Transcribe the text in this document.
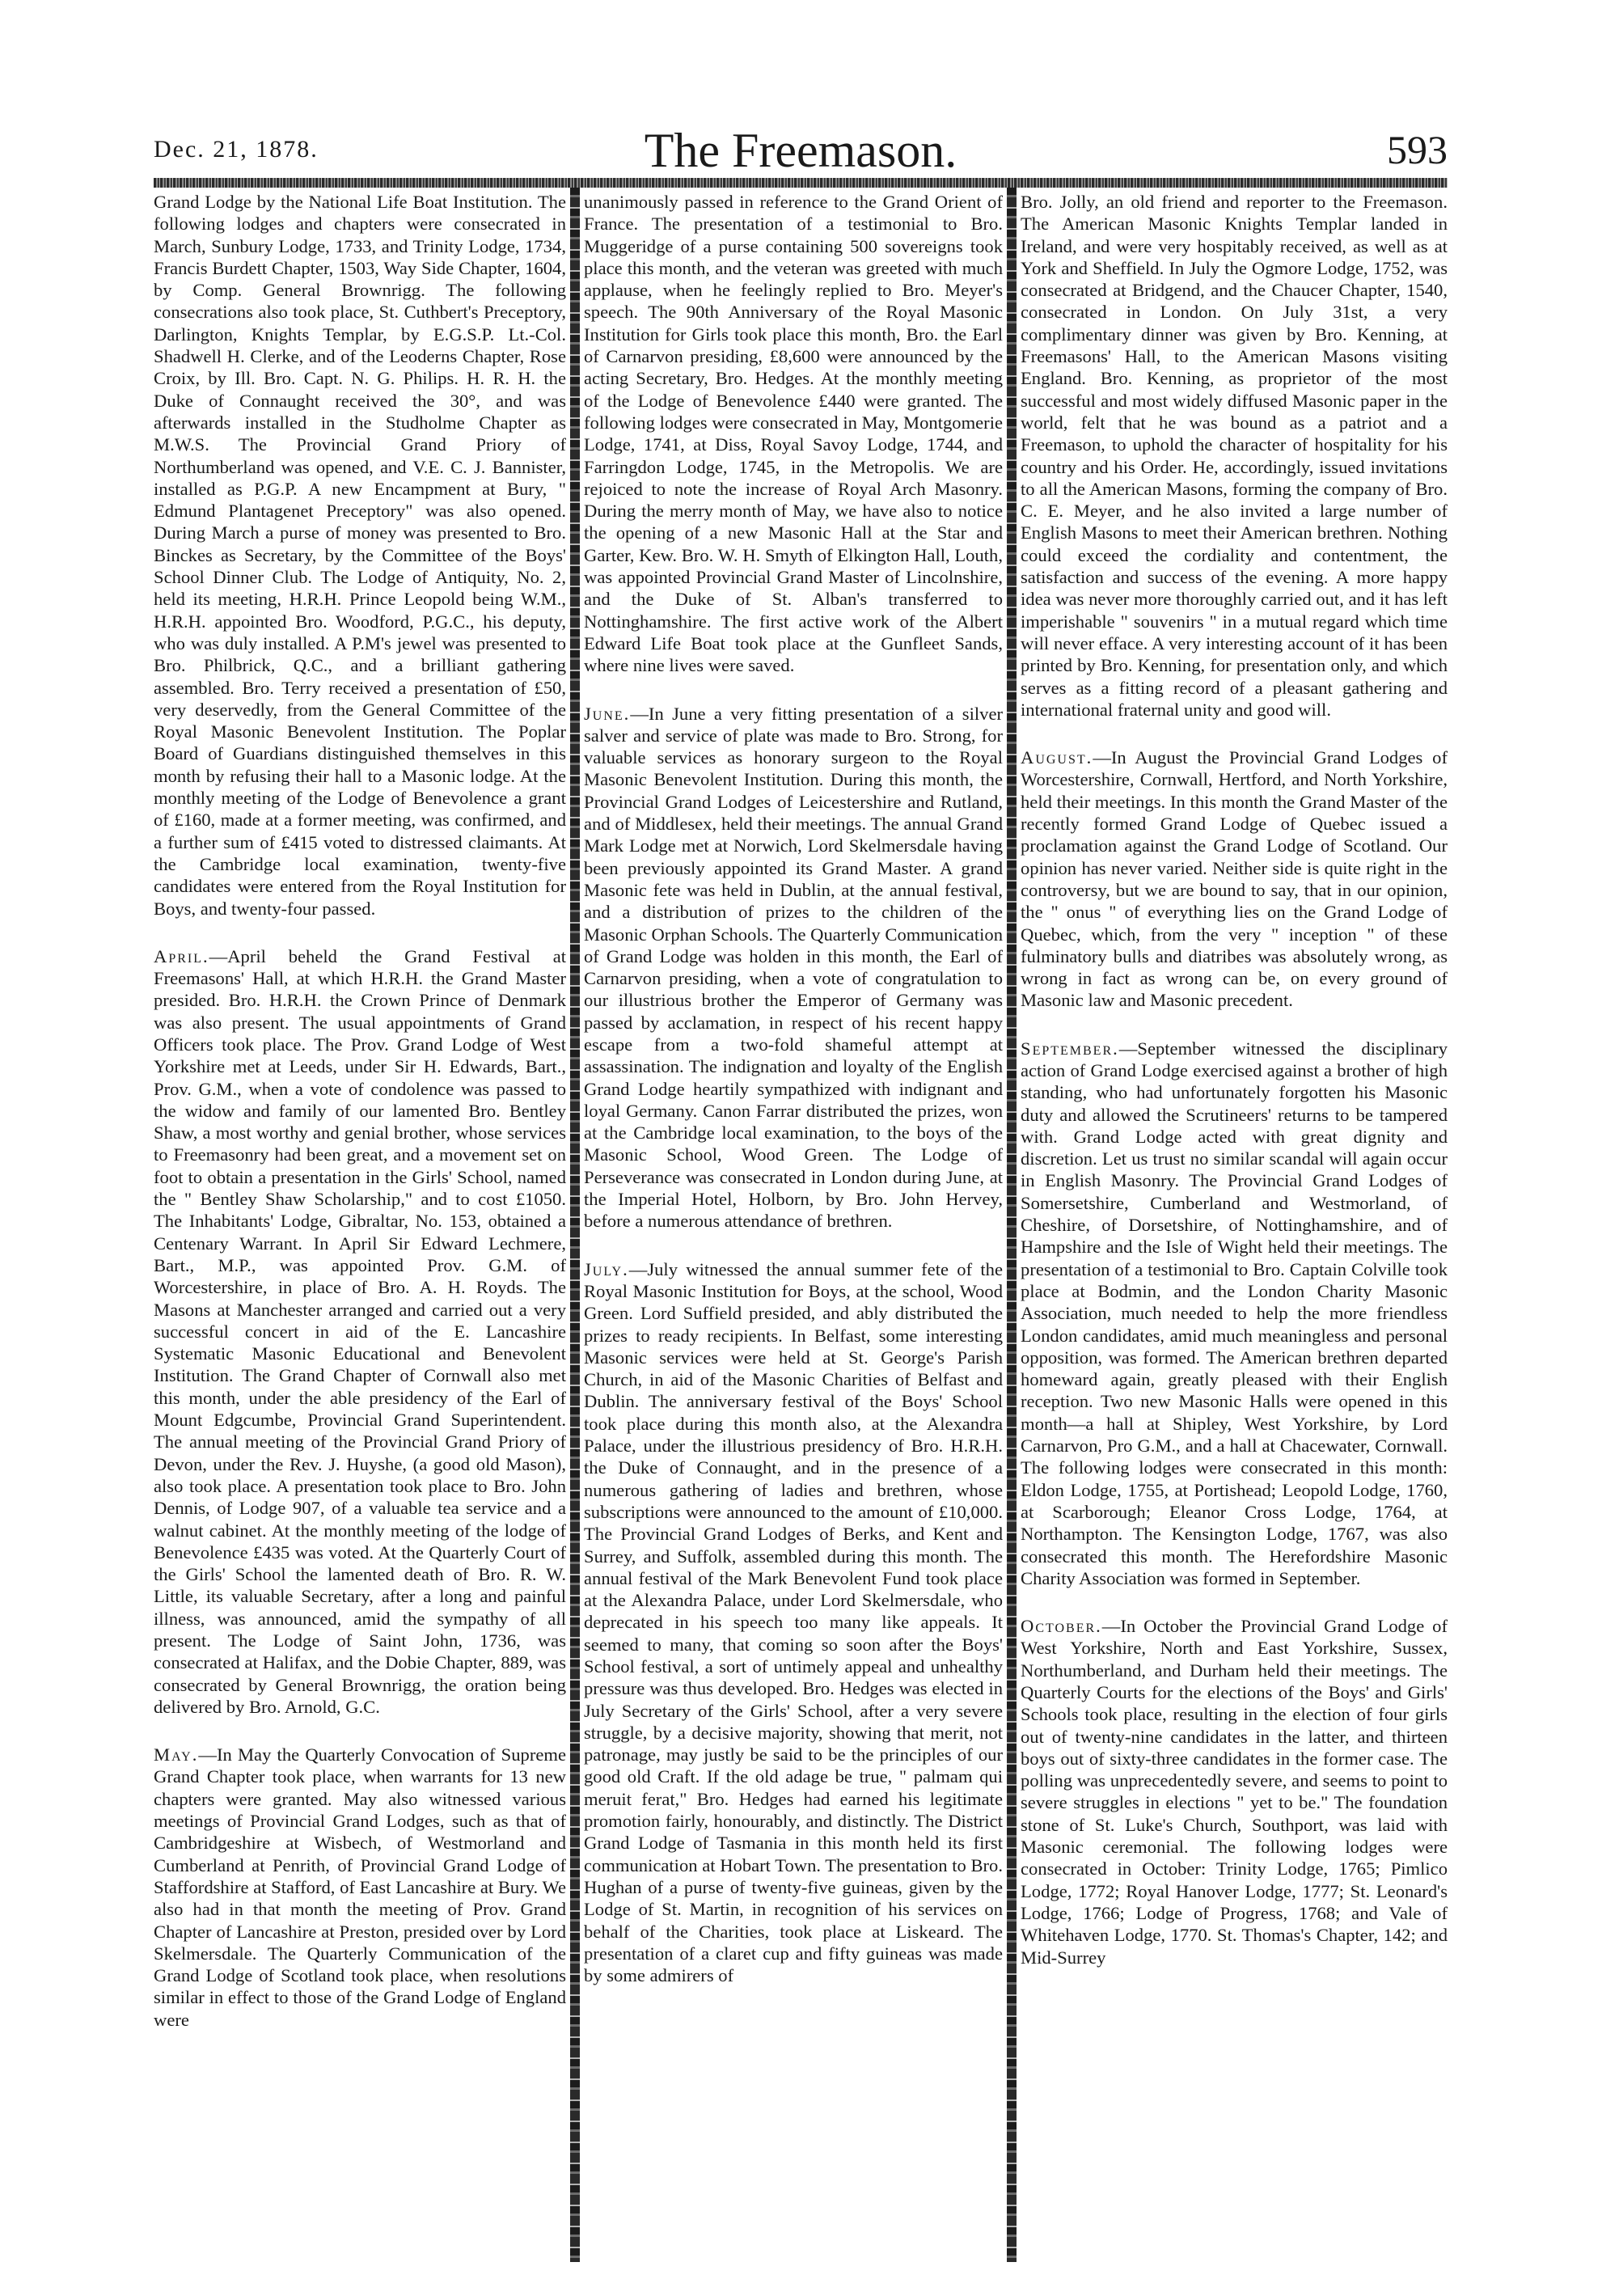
Dec. 21, 1878.	The Freemason.	593

Grand Lodge by the National Life Boat Institution. The following lodges and chapters were consecrated in March, Sunbury Lodge, 1733, and Trinity Lodge, 1734, Francis Burdett Chapter, 1503, Way Side Chapter, 1604, by Comp. General Brownrigg. The following consecrations also took place, St. Cuthbert's Preceptory, Darlington, Knights Templar, by E.G.S.P. Lt.-Col. Shadwell H. Clerke, and of the Leoderns Chapter, Rose Croix, by Ill. Bro. Capt. N. G. Philips. H. R. H. the Duke of Connaught received the 30°, and was afterwards installed in the Studholme Chapter as M.W.S. The Provincial Grand Priory of Northumberland was opened, and V.E. C. J. Bannister, installed as P.G.P. A new Encampment at Bury, " Edmund Plantagenet Preceptory" was also opened. During March a purse of money was presented to Bro. Binckes as Secretary, by the Committee of the Boys' School Dinner Club. The Lodge of Antiquity, No. 2, held its meeting, H.R.H. Prince Leopold being W.M., H.R.H. appointed Bro. Woodford, P.G.C., his deputy, who was duly installed. A P.M's jewel was presented to Bro. Philbrick, Q.C., and a brilliant gathering assembled. Bro. Terry received a presentation of £50, very deservedly, from the General Committee of the Royal Masonic Benevolent Institution. The Poplar Board of Guardians distinguished themselves in this month by refusing their hall to a Masonic lodge. At the monthly meeting of the Lodge of Benevolence a grant of £160, made at a former meeting, was confirmed, and a further sum of £415 voted to distressed claimants. At the Cambridge local examination, twenty-five candidates were entered from the Royal Institution for Boys, and twenty-four passed.

April.—April beheld the Grand Festival at Freemasons' Hall, at which H.R.H. the Grand Master presided. Bro. H.R.H. the Crown Prince of Denmark was also present. The usual appointments of Grand Officers took place. The Prov. Grand Lodge of West Yorkshire met at Leeds, under Sir H. Edwards, Bart., Prov. G.M., when a vote of condolence was passed to the widow and family of our lamented Bro. Bentley Shaw, a most worthy and genial brother, whose services to Freemasonry had been great, and a movement set on foot to obtain a presentation in the Girls' School, named the " Bentley Shaw Scholarship," and to cost £1050. The Inhabitants' Lodge, Gibraltar, No. 153, obtained a Centenary Warrant. In April Sir Edward Lechmere, Bart., M.P., was appointed Prov. G.M. of Worcestershire, in place of Bro. A. H. Royds. The Masons at Manchester arranged and carried out a very successful concert in aid of the E. Lancashire Systematic Masonic Educational and Benevolent Institution. The Grand Chapter of Cornwall also met this month, under the able presidency of the Earl of Mount Edgcumbe, Provincial Grand Superintendent. The annual meeting of the Provincial Grand Priory of Devon, under the Rev. J. Huyshe, (a good old Mason), also took place. A presentation took place to Bro. John Dennis, of Lodge 907, of a valuable tea service and a walnut cabinet. At the monthly meeting of the lodge of Benevolence £435 was voted. At the Quarterly Court of the Girls' School the lamented death of Bro. R. W. Little, its valuable Secretary, after a long and painful illness, was announced, amid the sympathy of all present. The Lodge of Saint John, 1736, was consecrated at Halifax, and the Dobie Chapter, 889, was consecrated by General Brownrigg, the oration being delivered by Bro. Arnold, G.C.

May.—In May the Quarterly Convocation of Supreme Grand Chapter took place, when warrants for 13 new chapters were granted. May also witnessed various meetings of Provincial Grand Lodges, such as that of Cambridgeshire at Wisbech, of Westmorland and Cumberland at Penrith, of Provincial Grand Lodge of Staffordshire at Stafford, of East Lancashire at Bury. We also had in that month the meeting of Prov. Grand Chapter of Lancashire at Preston, presided over by Lord Skelmersdale. The Quarterly Communication of the Grand Lodge of Scotland took place, when resolutions similar in effect to those of the Grand Lodge of England were

unanimously passed in reference to the Grand Orient of France. The presentation of a testimonial to Bro. Muggeridge of a purse containing 500 sovereigns took place this month, and the veteran was greeted with much applause, when he feelingly replied to Bro. Meyer's speech. The 90th Anniversary of the Royal Masonic Institution for Girls took place this month, Bro. the Earl of Carnarvon presiding, £8,600 were announced by the acting Secretary, Bro. Hedges. At the monthly meeting of the Lodge of Benevolence £440 were granted. The following lodges were consecrated in May, Montgomerie Lodge, 1741, at Diss, Royal Savoy Lodge, 1744, and Farringdon Lodge, 1745, in the Metropolis. We are rejoiced to note the increase of Royal Arch Masonry. During the merry month of May, we have also to notice the opening of a new Masonic Hall at the Star and Garter, Kew. Bro. W. H. Smyth of Elkington Hall, Louth, was appointed Provincial Grand Master of Lincolnshire, and the Duke of St. Alban's transferred to Nottinghamshire. The first active work of the Albert Edward Life Boat took place at the Gunfleet Sands, where nine lives were saved.

June.—In June a very fitting presentation of a silver salver and service of plate was made to Bro. Strong, for valuable services as honorary surgeon to the Royal Masonic Benevolent Institution. During this month, the Provincial Grand Lodges of Leicestershire and Rutland, and of Middlesex, held their meetings. The annual Grand Mark Lodge met at Norwich, Lord Skelmersdale having been previously appointed its Grand Master. A grand Masonic fete was held in Dublin, at the annual festival, and a distribution of prizes to the children of the Masonic Orphan Schools. The Quarterly Communication of Grand Lodge was holden in this month, the Earl of Carnarvon presiding, when a vote of congratulation to our illustrious brother the Emperor of Germany was passed by acclamation, in respect of his recent happy escape from a two-fold shameful attempt at assassination. The indignation and loyalty of the English Grand Lodge heartily sympathized with indignant and loyal Germany. Canon Farrar distributed the prizes, won at the Cambridge local examination, to the boys of the Masonic School, Wood Green. The Lodge of Perseverance was consecrated in London during June, at the Imperial Hotel, Holborn, by Bro. John Hervey, before a numerous attendance of brethren.

July.—July witnessed the annual summer fete of the Royal Masonic Institution for Boys, at the school, Wood Green. Lord Suffield presided, and ably distributed the prizes to ready recipients. In Belfast, some interesting Masonic services were held at St. George's Parish Church, in aid of the Masonic Charities of Belfast and Dublin. The anniversary festival of the Boys' School took place during this month also, at the Alexandra Palace, under the illustrious presidency of Bro. H.R.H. the Duke of Connaught, and in the presence of a numerous gathering of ladies and brethren, whose subscriptions were announced to the amount of £10,000. The Provincial Grand Lodges of Berks, and Kent and Surrey, and Suffolk, assembled during this month. The annual festival of the Mark Benevolent Fund took place at the Alexandra Palace, under Lord Skelmersdale, who deprecated in his speech too many like appeals. It seemed to many, that coming so soon after the Boys' School festival, a sort of untimely appeal and unhealthy pressure was thus developed. Bro. Hedges was elected in July Secretary of the Girls' School, after a very severe struggle, by a decisive majority, showing that merit, not patronage, may justly be said to be the principles of our good old Craft. If the old adage be true, " palmam qui meruit ferat," Bro. Hedges had earned his legitimate promotion fairly, honourably, and distinctly. The District Grand Lodge of Tasmania in this month held its first communication at Hobart Town. The presentation to Bro. Hughan of a purse of twenty-five guineas, given by the Lodge of St. Martin, in recognition of his services on behalf of the Charities, took place at Liskeard. The presentation of a claret cup and fifty guineas was made by some admirers of

Bro. Jolly, an old friend and reporter to the Freemason. The American Masonic Knights Templar landed in Ireland, and were very hospitably received, as well as at York and Sheffield. In July the Ogmore Lodge, 1752, was consecrated at Bridgend, and the Chaucer Chapter, 1540, consecrated in London. On July 31st, a very complimentary dinner was given by Bro. Kenning, at Freemasons' Hall, to the American Masons visiting England. Bro. Kenning, as proprietor of the most successful and most widely diffused Masonic paper in the world, felt that he was bound as a patriot and a Freemason, to uphold the character of hospitality for his country and his Order. He, accordingly, issued invitations to all the American Masons, forming the company of Bro. C. E. Meyer, and he also invited a large number of English Masons to meet their American brethren. Nothing could exceed the cordiality and contentment, the satisfaction and success of the evening. A more happy idea was never more thoroughly carried out, and it has left imperishable " souvenirs " in a mutual regard which time will never efface. A very interesting account of it has been printed by Bro. Kenning, for presentation only, and which serves as a fitting record of a pleasant gathering and international fraternal unity and good will.

August.—In August the Provincial Grand Lodges of Worcestershire, Cornwall, Hertford, and North Yorkshire, held their meetings. In this month the Grand Master of the recently formed Grand Lodge of Quebec issued a proclamation against the Grand Lodge of Scotland. Our opinion has never varied. Neither side is quite right in the controversy, but we are bound to say, that in our opinion, the " onus " of everything lies on the Grand Lodge of Quebec, which, from the very " inception " of these fulminatory bulls and diatribes was absolutely wrong, as wrong in fact as wrong can be, on every ground of Masonic law and Masonic precedent.

September.—September witnessed the disciplinary action of Grand Lodge exercised against a brother of high standing, who had unfortunately forgotten his Masonic duty and allowed the Scrutineers' returns to be tampered with. Grand Lodge acted with great dignity and discretion. Let us trust no similar scandal will again occur in English Masonry. The Provincial Grand Lodges of Somersetshire, Cumberland and Westmorland, of Cheshire, of Dorsetshire, of Nottinghamshire, and of Hampshire and the Isle of Wight held their meetings. The presentation of a testimonial to Bro. Captain Colville took place at Bodmin, and the London Charity Masonic Association, much needed to help the more friendless London candidates, amid much meaningless and personal opposition, was formed. The American brethren departed homeward again, greatly pleased with their English reception. Two new Masonic Halls were opened in this month—a hall at Shipley, West Yorkshire, by Lord Carnarvon, Pro G.M., and a hall at Chacewater, Cornwall. The following lodges were consecrated in this month: Eldon Lodge, 1755, at Portishead; Leopold Lodge, 1760, at Scarborough; Eleanor Cross Lodge, 1764, at Northampton. The Kensington Lodge, 1767, was also consecrated this month. The Herefordshire Masonic Charity Association was formed in September.

October.—In October the Provincial Grand Lodge of West Yorkshire, North and East Yorkshire, Sussex, Northumberland, and Durham held their meetings. The Quarterly Courts for the elections of the Boys' and Girls' Schools took place, resulting in the election of four girls out of twenty-nine candidates in the latter, and thirteen boys out of sixty-three candidates in the former case. The polling was unprecedentedly severe, and seems to point to severe struggles in elections " yet to be." The foundation stone of St. Luke's Church, Southport, was laid with Masonic ceremonial. The following lodges were consecrated in October: Trinity Lodge, 1765; Pimlico Lodge, 1772; Royal Hanover Lodge, 1777; St. Leonard's Lodge, 1766; Lodge of Progress, 1768; and Vale of Whitehaven Lodge, 1770. St. Thomas's Chapter, 142; and Mid-Surrey
